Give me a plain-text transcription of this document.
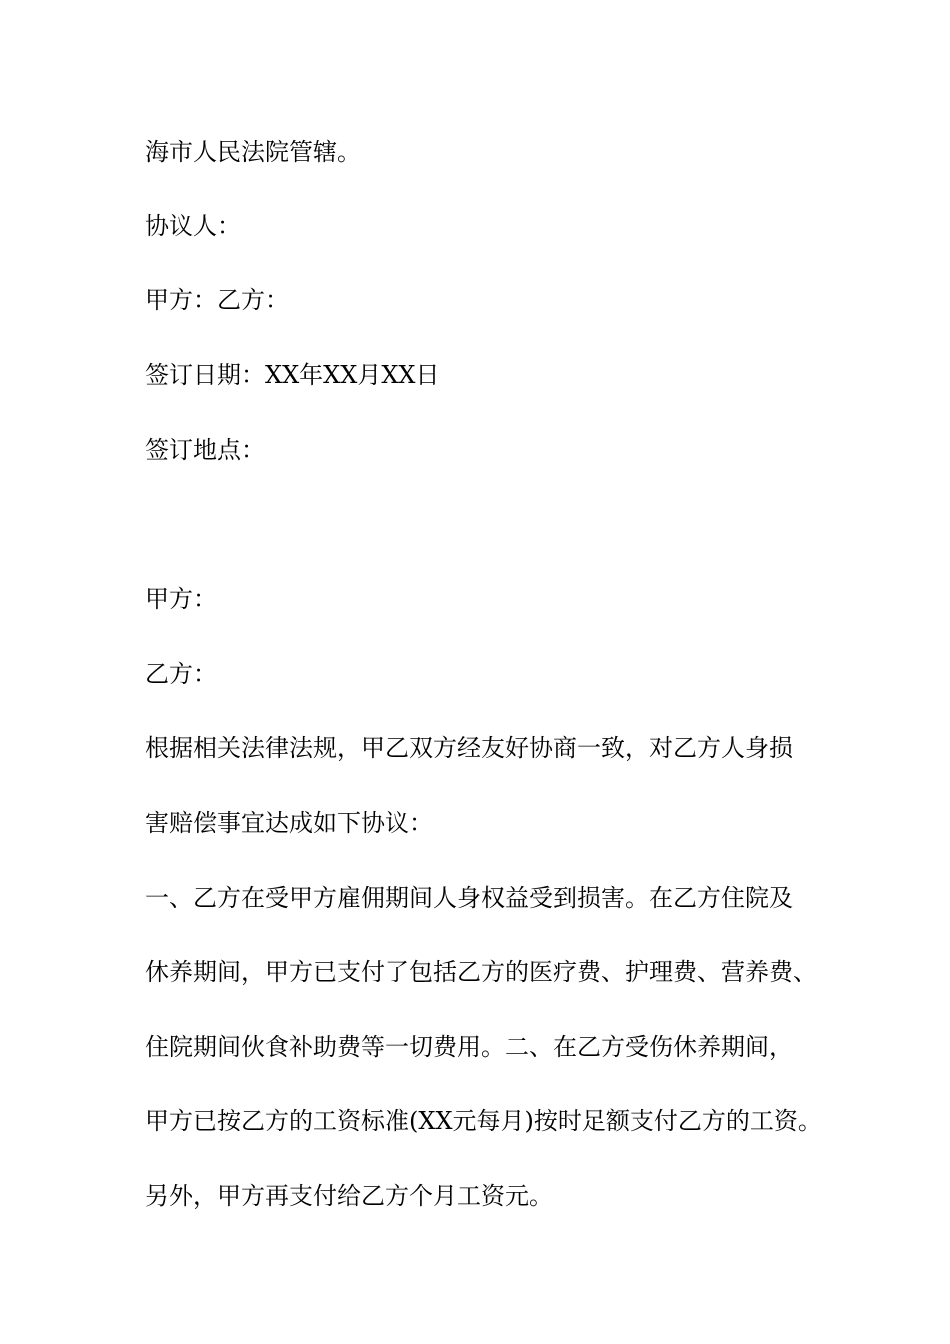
海市人民法院管辖。

协议人：

甲方：乙方：

签订日期：XX年XX月XX日

签订地点：

甲方：

乙方：

根据相关法律法规，甲乙双方经友好协商一致，对乙方人身损

害赔偿事宜达成如下协议：

一、乙方在受甲方雇佣期间人身权益受到损害。在乙方住院及

休养期间，甲方已支付了包括乙方的医疗费、护理费、营养费、

住院期间伙食补助费等一切费用。二、在乙方受伤休养期间，

甲方已按乙方的工资标准(XX元每月)按时足额支付乙方的工资。

另外，甲方再支付给乙方个月工资元。
